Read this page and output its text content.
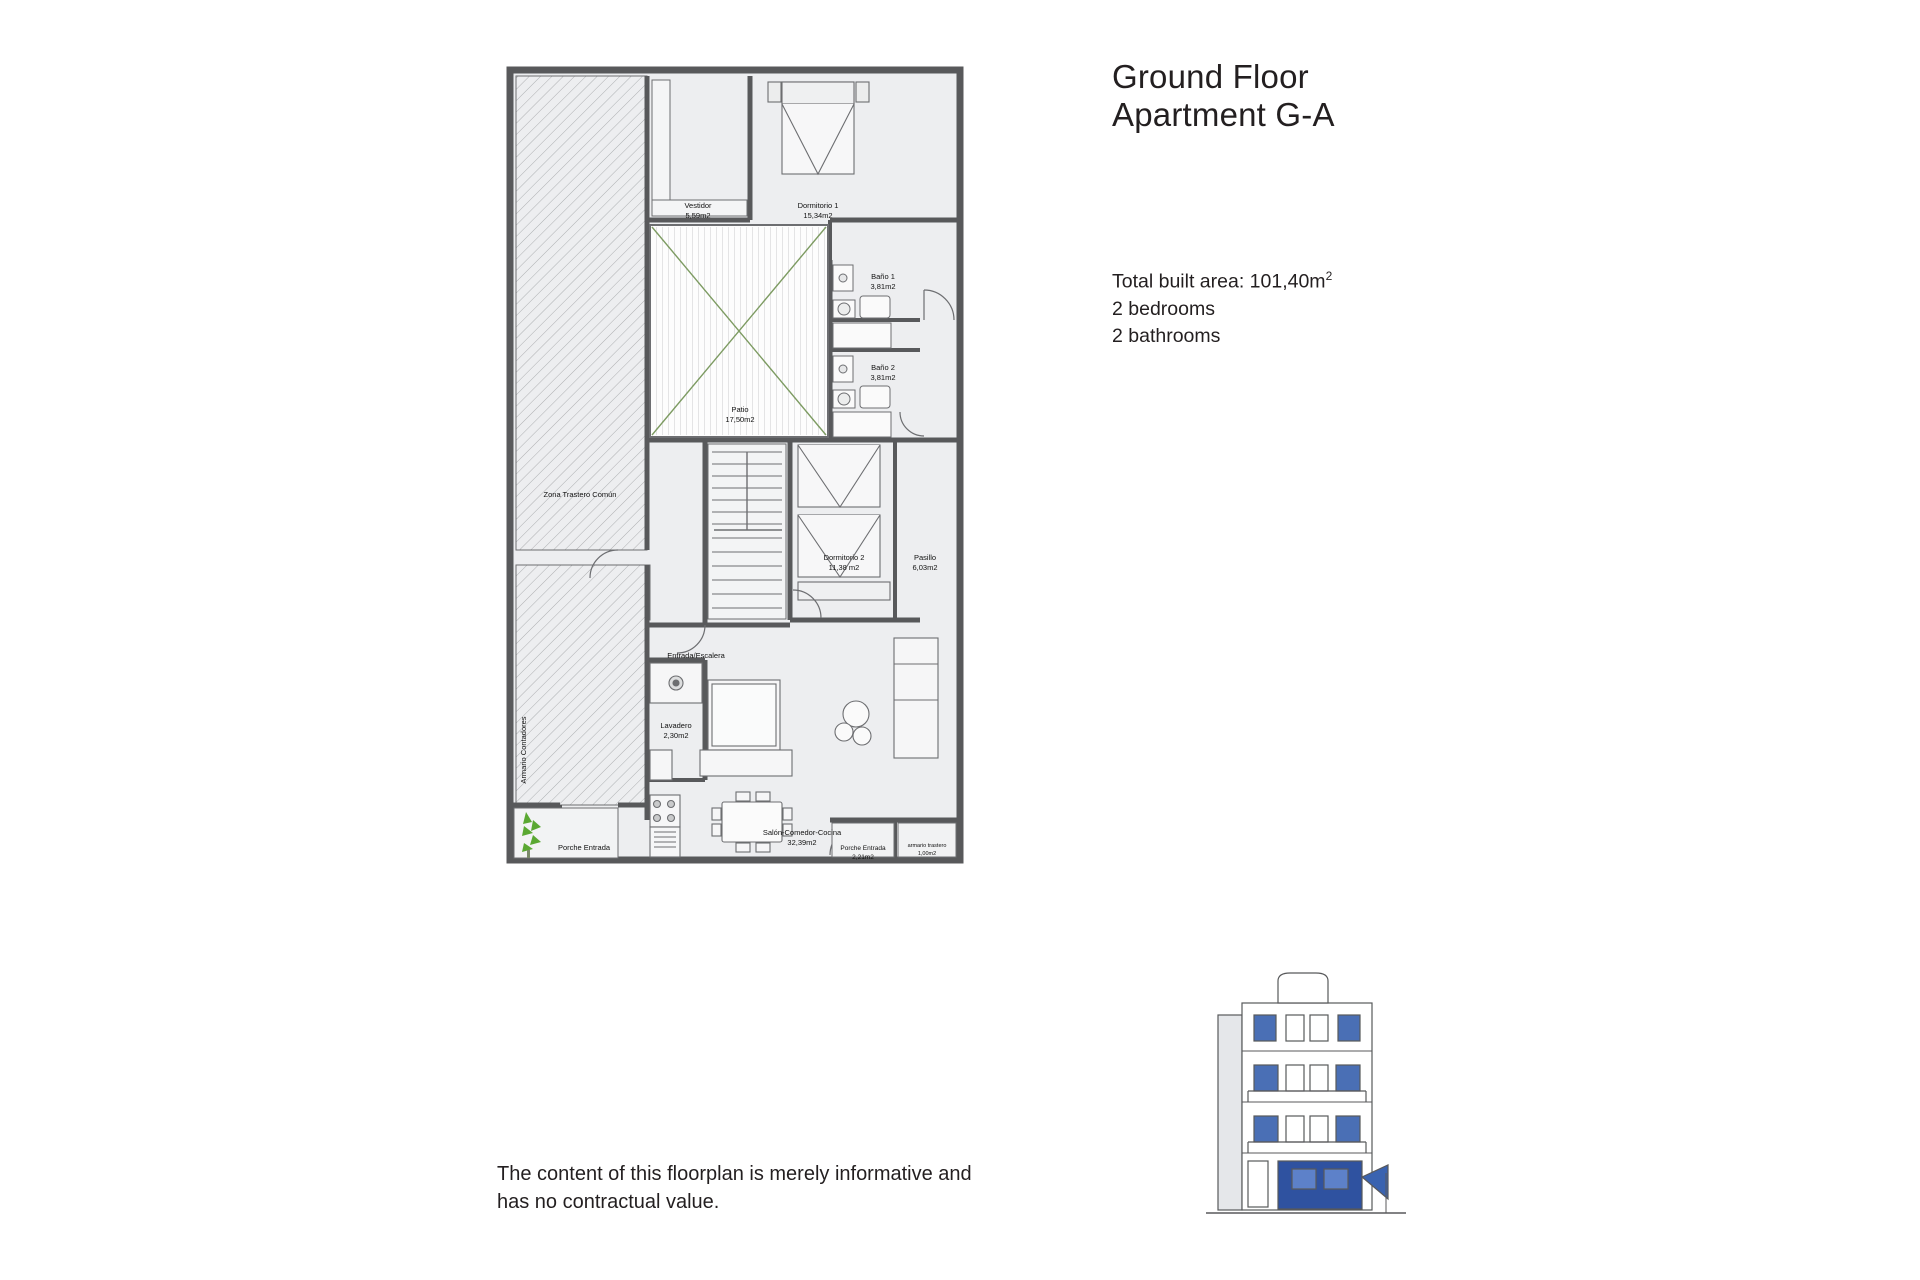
Ground Floor
Apartment G-A
Total built area: $101,40m^2$
2 bedrooms
2 bathrooms
The content of this floorplan is merely informative and
has no contractual value.
Vestidor
5,59m2
Dormitorio 1
15,34m2
Baño 1
3,81m2
Baño 2
3,81m2
Patio
17,50m2
Dormitorio 2
11,38 m2
Pasillo
6,03m2
Lavadero
2,30m2
Salón-Comedor-Cocina
32,39m2
Porche Entrada
2,21m2
armario trastero
1,00m2
Zona Trastero Común
Entrada/Escalera
Porche Entrada
Armario Contadores
